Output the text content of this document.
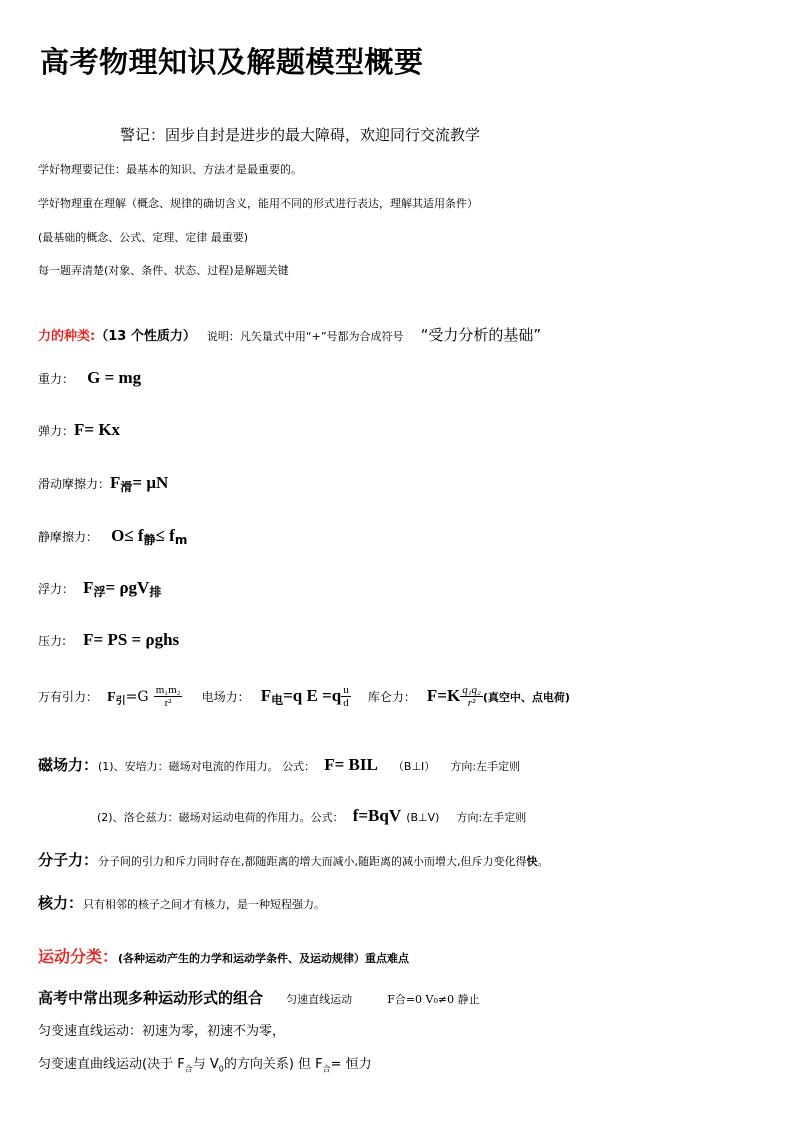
高考物理知识及解题模型概要
警记：固步自封是进步的最大障碍，欢迎同行交流教学
学好物理要记住：最基本的知识、方法才是最重要的。
学好物理重在理解（概念、规律的确切含义，能用不同的形式进行表达，理解其适用条件）
(最基础的概念、公式、定理、定律 最重要)
每一题弄清楚(对象、条件、状态、过程)是解题关键
力的种类:（13 个性质力） 说明：凡矢量式中用“+”号都为合成符号 “受力分析的基础”
重力： G = mg
弹力：F= Kx
滑动摩擦力：$F_滑= \mu N$
静摩擦力： $O\le f_静\le f_m$
浮力： $F_浮= \rho gV_排$
压力: F= PS = ρghs
万有引力： $F_引=G \frac{\text{m₁m₂}}{\text{r²}}$ 电场力： $F_电=q$ $E =q \frac{u}{d}$ 库仑力： $F=K \frac{\text{q₁q₂}}{\text{r²}}$ (真空中、点电荷)
磁场力：(1)、安培力：磁场对电流的作用力。 公式： F= BIL （B⊥I） 方向:左手定则
(2)、洛仑兹力：磁场对运动电荷的作用力。公式： f=BqV (B⊥V) 方向:左手定则
分子力：分子间的引力和斥力同时存在,都随距离的增大而减小,随距离的减小而增大,但斥力变化得快。
核力：只有相邻的核子之间才有核力，是一种短程强力。
运动分类：(各种运动产生的力学和运动学条件、及运动规律）重点难点
高考中常出现多种运动形式的组合 匀速直线运动	F合=0 V₀≠0 静止
匀变速直线运动：初速为零，初速不为零，
匀变速直曲线运动(决于 $F_合$与 $V_0$的方向关系) 但 $F_合=$ 恒力
